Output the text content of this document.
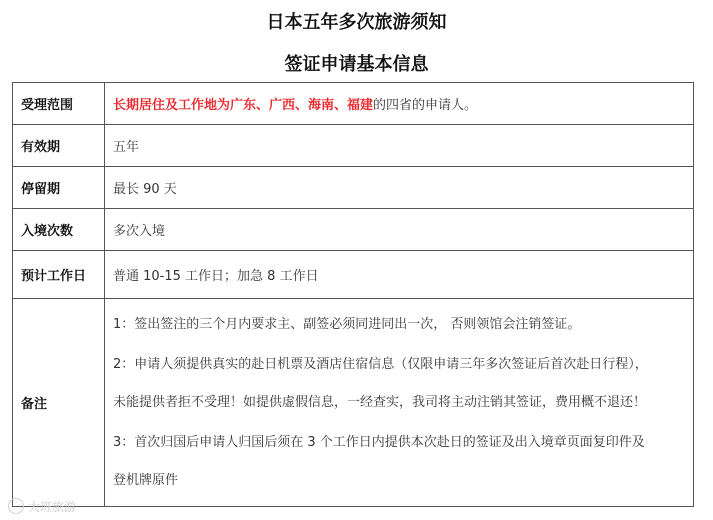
日本五年多次旅游须知
签证申请基本信息
受理范围	长期居住及工作地为广东、广西、海南、福建的四省的申请人。
有效期	五年
停留期	最长 90 天
入境次数	多次入境
预计工作日	普通 10-15 工作日；加急 8 工作日
备注	1：签出签注的三个月内要求主、副签必须同进同出一次， 否则领馆会注销签证。

2：申请人须提供真实的赴日机票及酒店住宿信息（仅限申请三年多次签证后首次赴日行程），

未能提供者拒不受理！如提供虚假信息，一经查实，我司将主动注销其签证，费用概不退还！

3：首次归国后申请人归国后须在 3 个工作日内提供本次赴日的签证及出入境章页面复印件及

登机牌原件

大班旅游
